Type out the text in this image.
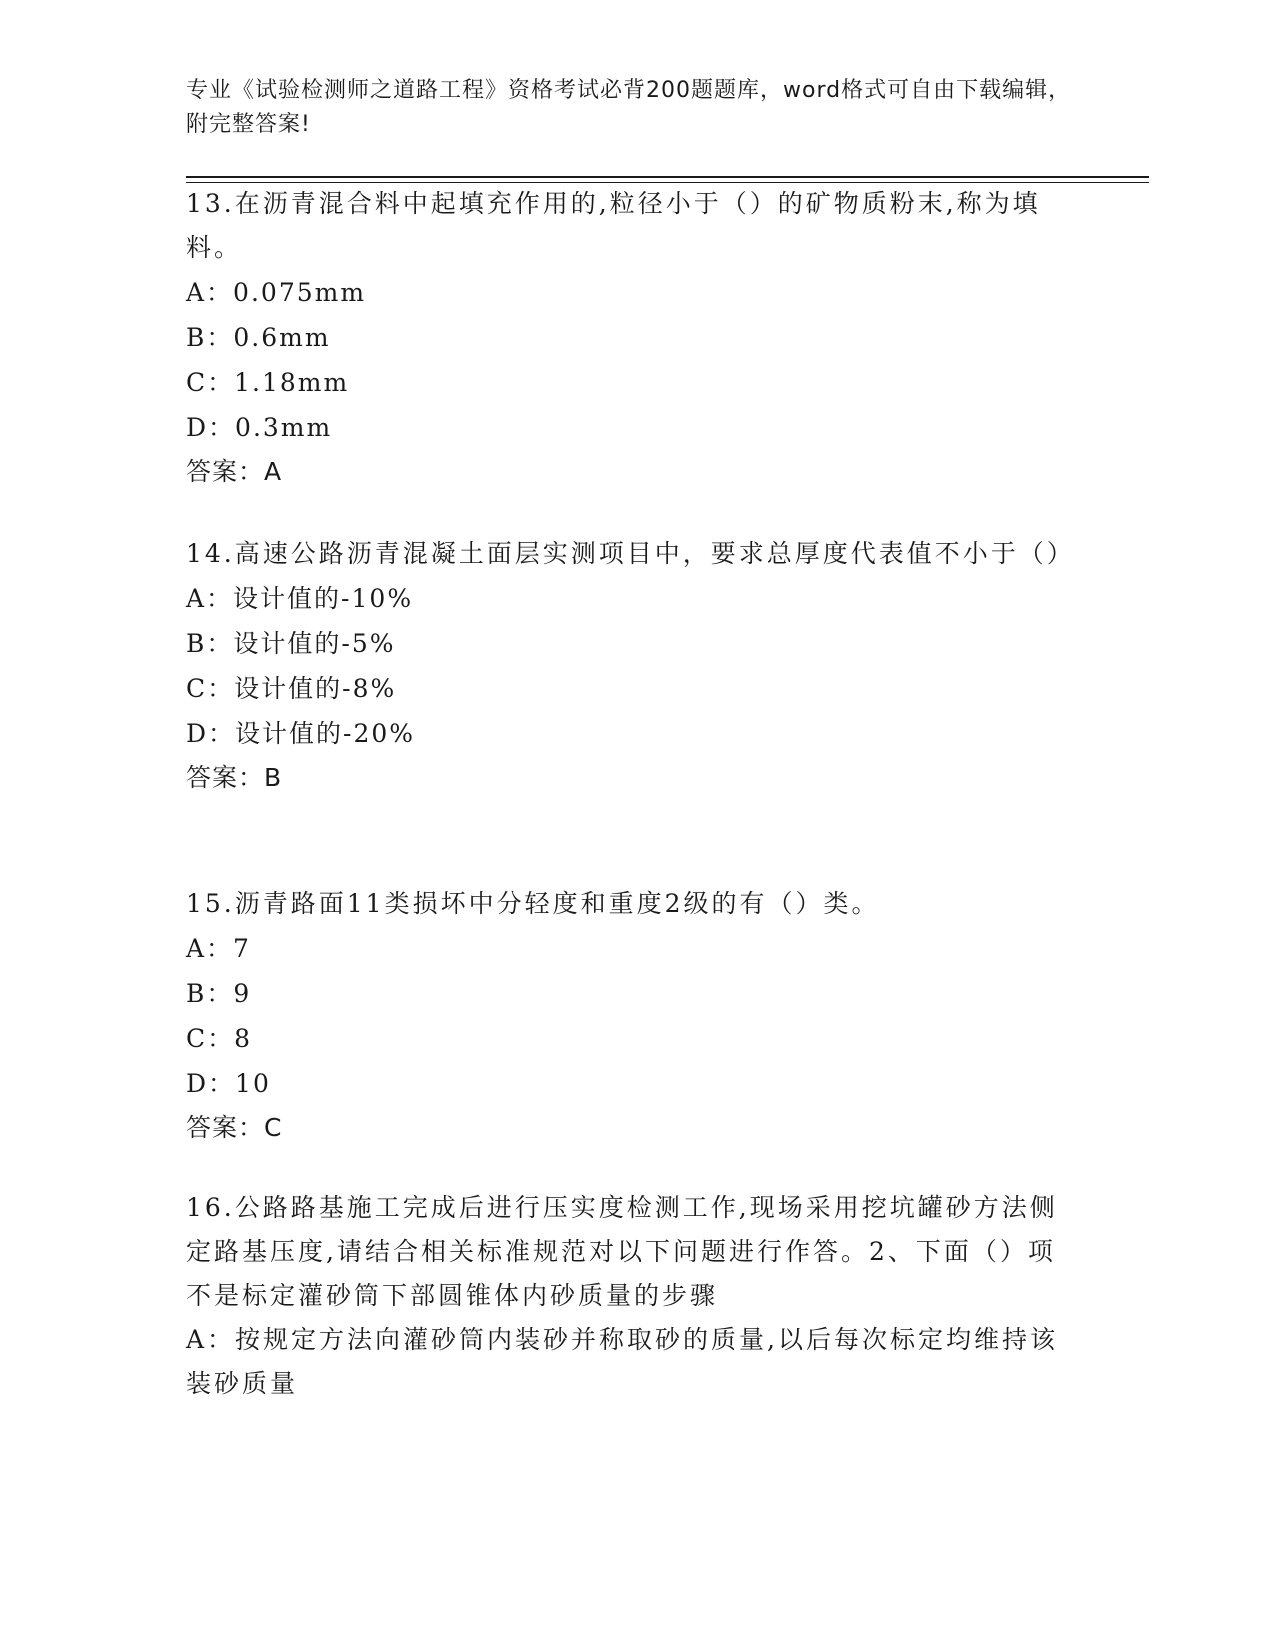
专业《试验检测师之道路工程》资格考试必背200题题库，word格式可自由下载编辑，附完整答案!
13.在沥青混合料中起填充作用的,粒径小于（）的矿物质粉末,称为填料。
A：0.075mm
B：0.6mm
C：1.18mm
D：0.3mm
答案：A
14.高速公路沥青混凝土面层实测项目中，要求总厚度代表值不小于（）
A：设计值的-10%
B：设计值的-5%
C：设计值的-8%
D：设计值的-20%
答案：B
15.沥青路面11类损坏中分轻度和重度2级的有（）类。
A：7
B：9
C：8
D：10
答案：C
16.公路路基施工完成后进行压实度检测工作,现场采用挖坑罐砂方法侧定路基压度,请结合相关标准规范对以下问题进行作答。2、下面（）项不是标定灌砂筒下部圆锥体内砂质量的步骤
A：按规定方法向灌砂筒内装砂并称取砂的质量,以后每次标定均维持该装砂质量
